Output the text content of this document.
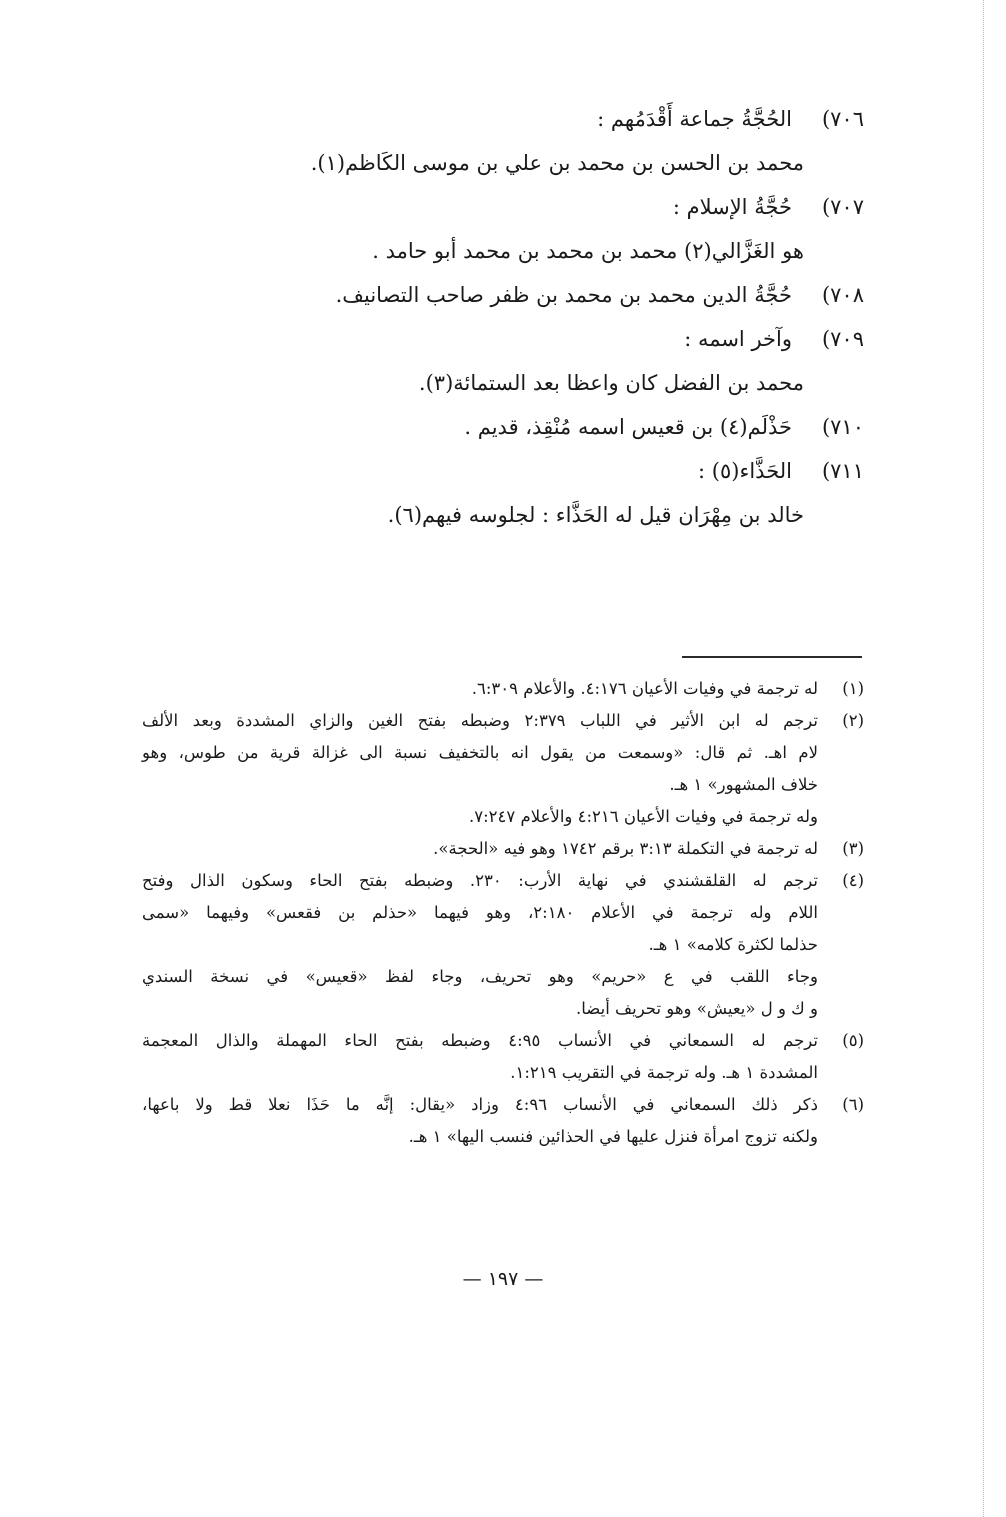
٧٠٦)الحُجَّةُ جماعة أَقْدَمُهم :
محمد بن الحسن بن محمد بن علي بن موسى الكَاظم(١).
٧٠٧)حُجَّةُ الإسلام :
هو الغَزَّالي(٢) محمد بن محمد بن محمد أبو حامد .
٧٠٨)حُجَّةُ الدين محمد بن محمد بن ظفر صاحب التصانيف.
٧٠٩)وآخر اسمه :
محمد بن الفضل كان واعظا بعد الستمائة(٣).
٧١٠)حَذْلَم(٤) بن قعيس اسمه مُنْقِذ، قديم .
٧١١)الحَذَّاء(٥) :
خالد بن مِهْرَان قيل له الحَذَّاء : لجلوسه فيهم(٦).
(١)
له ترجمة في وفيات الأعيان ٤:١٧٦. والأعلام ٦:٣٠٩.
(٢)
ترجم له ابن الأثير في اللباب ٢:٣٧٩ وضبطه بفتح الغين والزاي المشددة وبعد الألف
لام اهـ. ثم قال: «وسمعت من يقول انه بالتخفيف نسبة الى غزالة قرية من طوس، وهو
خلاف المشهور» ١ هـ.
وله ترجمة في وفيات الأعيان ٤:٢١٦ والأعلام ٧:٢٤٧.
(٣)
له ترجمة في التكملة ٣:١٣ برقم ١٧٤٢ وهو فيه «الحجة».
(٤)
ترجم له القلقشندي في نهاية الأرب: ٢٣٠. وضبطه بفتح الحاء وسكون الذال وفتح
اللام وله ترجمة في الأعلام ٢:١٨٠، وهو فيهما «حذلم بن فقعس» وفيهما «سمى
حذلما لكثرة كلامه» ١ هـ.
وجاء اللقب في ع «حريم» وهو تحريف، وجاء لفظ «قعيس» في نسخة السندي
و ك و ل «يعيش» وهو تحريف أيضا.
(٥)
ترجم له السمعاني في الأنساب ٤:٩٥ وضبطه بفتح الحاء المهملة والذال المعجمة
المشددة ١ هـ. وله ترجمة في التقريب ١:٢١٩.
(٦)
ذكر ذلك السمعاني في الأنساب ٤:٩٦ وزاد «يقال: إنَّه ما حَذَا نعلا قط ولا باعها،
ولكنه تزوج امرأة فنزل عليها في الحذائين فنسب اليها» ١ هـ.
— ١٩٧ —
